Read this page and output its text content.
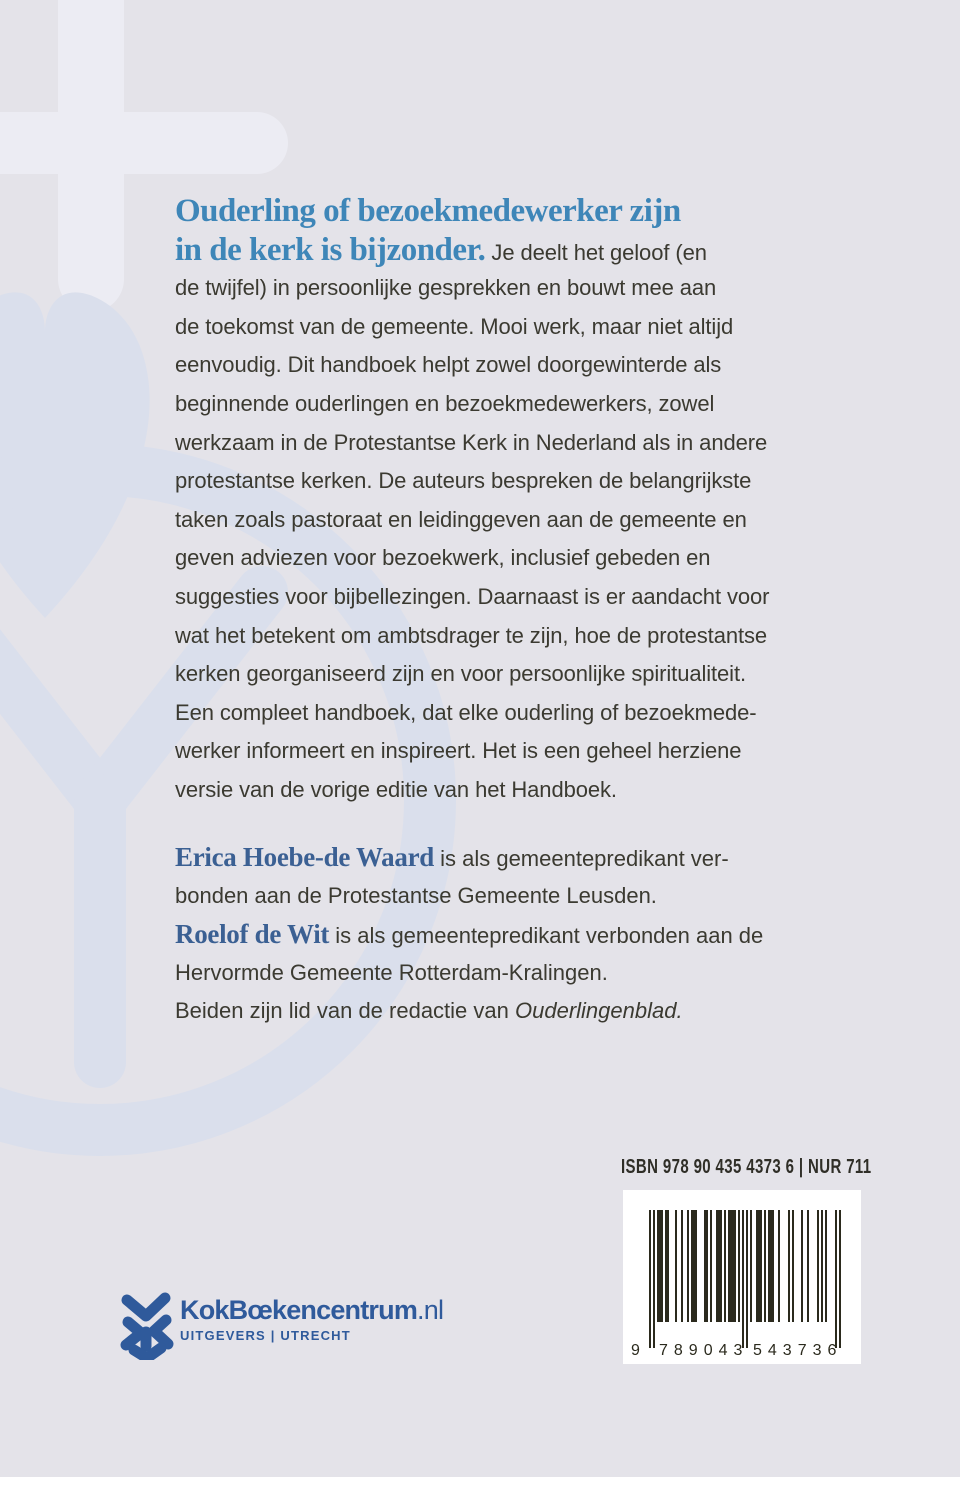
Ouderling of bezoekmedewerker zijn
in de kerk is bijzonder. Je deelt het geloof (en
de twijfel) in persoonlijke gesprekken en bouwt mee aan
de toekomst van de gemeente. Mooi werk, maar niet altijd
eenvoudig. Dit handboek helpt zowel doorgewinterde als
beginnende ouderlingen en bezoekmedewerkers, zowel
werkzaam in de Protestantse Kerk in Nederland als in andere
protestantse kerken. De auteurs bespreken de belangrijkste
taken zoals pastoraat en leidinggeven aan de gemeente en
geven adviezen voor bezoekwerk, inclusief gebeden en
suggesties voor bijbellezingen. Daarnaast is er aandacht voor
wat het betekent om ambtsdrager te zijn, hoe de protestantse
kerken georganiseerd zijn en voor persoonlijke spiritualiteit.
Een compleet handboek, dat elke ouderling of bezoekmede-
werker informeert en inspireert. Het is een geheel herziene
versie van de vorige editie van het Handboek.
Erica Hoebe-de Waard is als gemeentepredikant ver-
bonden aan de Protestantse Gemeente Leusden.
Roelof de Wit is als gemeentepredikant verbonden aan de
Hervormde Gemeente Rotterdam-Kralingen.
Beiden zijn lid van de redactie van Ouderlingenblad.
ISBN 978 90 435 4373 6 | NUR 711
9 789043 543736
KokBœkencentrum.nl
UITGEVERS | UTRECHT
